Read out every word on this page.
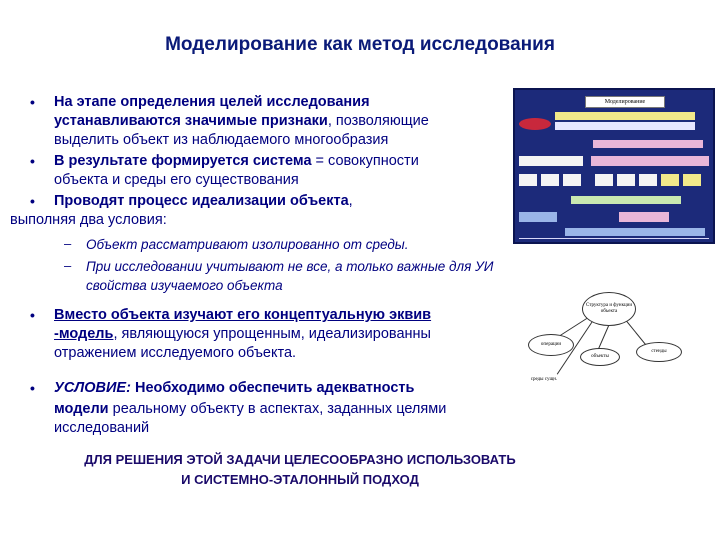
Моделирование как метод исследования
• На этапе определения целей исследования
устанавливаются значимые признаки, позволяющие
выделить объект из наблюдаемого многообразия
• В результате формируется система = совокупности
объекта и среды его существования
• Проводят процесс идеализации объекта,
выполняя два условия:
– Объект рассматривают изолированно от среды.
– При исследовании учитывают не все, а только важные для УИ
свойства изучаемого объекта
• Вместо объекта изучают его концептуальную эквив
-модель, являющуюся упрощенным, идеализированны
отражением исследуемого объекта.
• УСЛОВИЕ: Необходимо обеспечить адекватность
модели реальному объекту в аспектах, заданных целями
исследований
ДЛЯ РЕШЕНИЯ ЭТОЙ ЗАДАЧИ ЦЕЛЕСООБРАЗНО ИСПОЛЬЗОВАТЬ
И СИСТЕМНО-ЭТАЛОННЫЙ ПОДХОД
Моделирование
Структура и функции объекта
операции
объекты
стенды
среды сущн.
